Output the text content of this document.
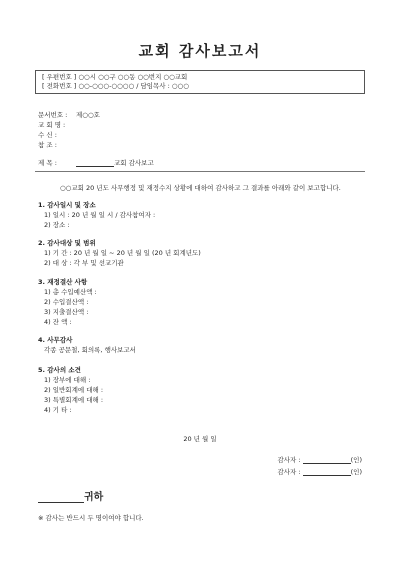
교회 감사보고서
[ 우편번호 ] ○○시 ○○구 ○○동 ○○번지 ○○교회
[ 전화번호 ] ○○-○○○-○○○○ / 담임목사 : ○○○
문서번호 :	제○○호
교 회 명 :
수 신 :
참 조 :
제 목 :	교회 감사보고
○○교회 20 년도 사무행정 및 재정수지 상황에 대하여 감사하고 그 결과를 아래와 같이 보고합니다.
1. 감사일시 및 장소
1) 일시 : 20 년 월 일 시 / 감사참여자 :
2) 장소 :
2. 감사대상 및 범위
1) 기 간 : 20 년 월 일 ~ 20 년 월 일 (20 년 회계년도)
2) 대 상 : 각 부 및 선교기관
3. 재정결산 사항
1) 총 수입예산액 :
2) 수입결산액 :
3) 지출결산액 :
4) 잔 액 :
4. 사무감사
각종 공문철, 회의록, 행사보고서
5. 감사의 소견
1) 장부에 대해 :
2) 일반회계에 대해 :
3) 특별회계에 대해 :
4) 기 타 :
20 년 월 일
감사자 :	(인)
감사자 :	(인)
귀하
※ 감사는 반드시 두 명이여야 합니다.
